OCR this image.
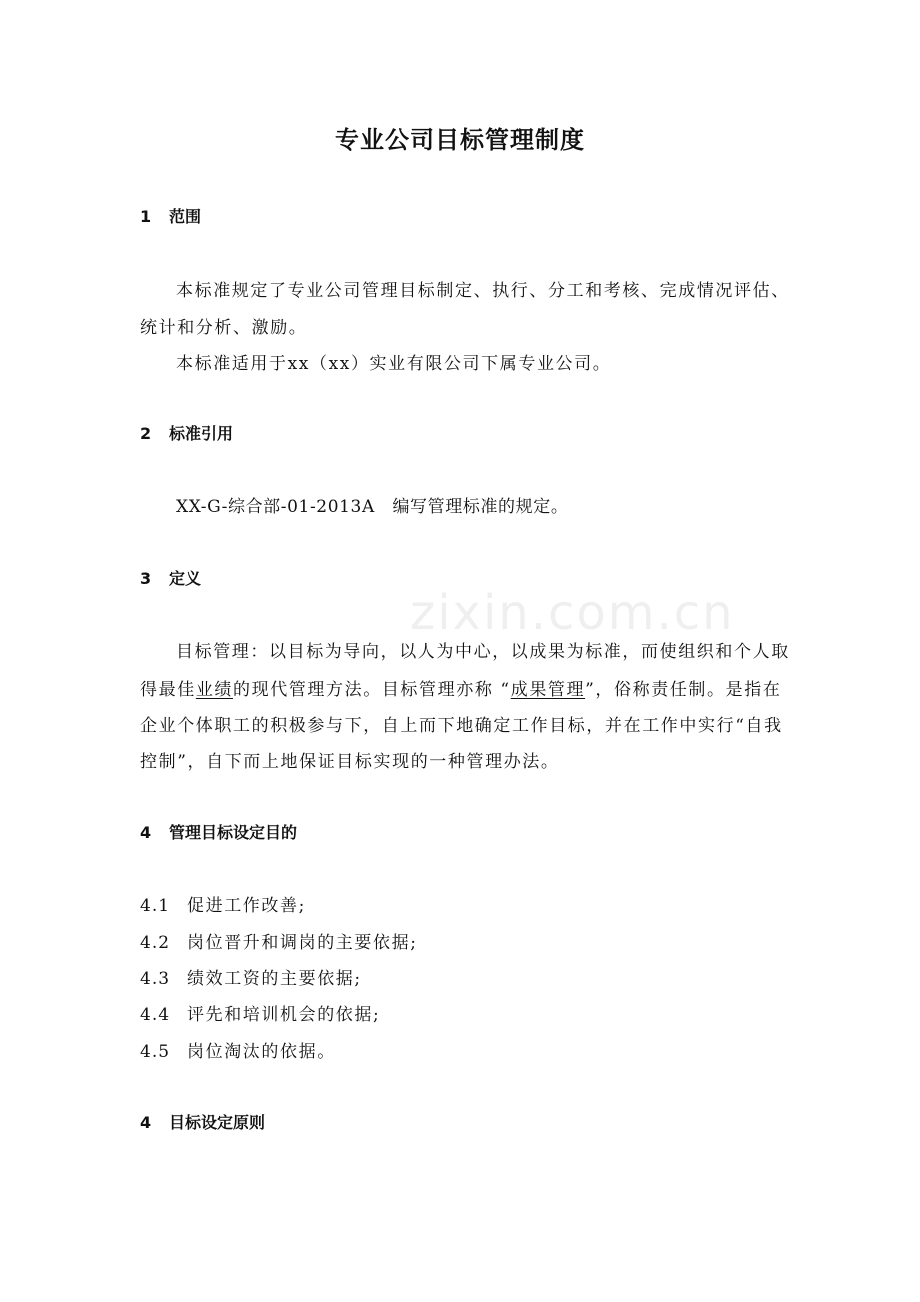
zixin.com.cn
专业公司目标管理制度
1 范围
本标准规定了专业公司管理目标制定、执行、分工和考核、完成情况评估、
统计和分析、激励。
本标准适用于xx（xx）实业有限公司下属专业公司。
2 标准引用
XX-G-综合部-01-2013A　编写管理标准的规定。
3 定义
目标管理：以目标为导向，以人为中心，以成果为标准，而使组织和个人取
得最佳业绩的现代管理方法。目标管理亦称 “成果管理”，俗称责任制。是指在
企业个体职工的积极参与下，自上而下地确定工作目标，并在工作中实行“自我
控制”，自下而上地保证目标实现的一种管理办法。
4 管理目标设定目的
4.1 促进工作改善;
4.2 岗位晋升和调岗的主要依据;
4.3 绩效工资的主要依据;
4.4 评先和培训机会的依据;
4.5 岗位淘汰的依据。
4 目标设定原则
